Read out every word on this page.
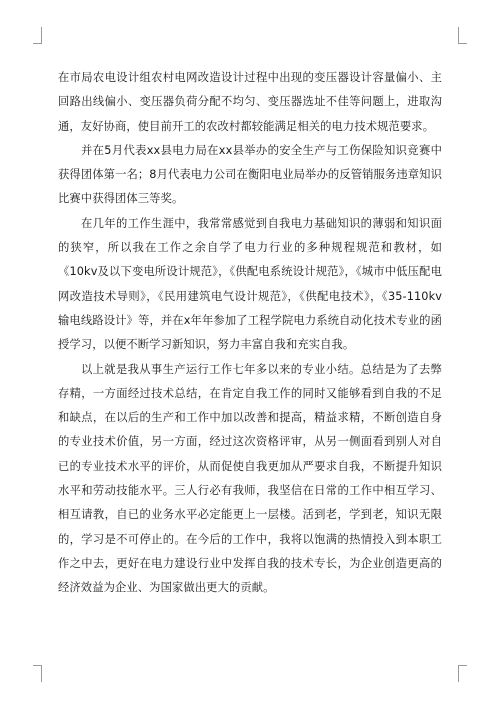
在市局农电设计组农村电网改造设计过程中出现的变压器设计容量偏小、主回路出线偏小、变压器负荷分配不均匀、变压器选址不佳等问题上，进取沟通，友好协商，使目前开工的农改村都较能满足相关的电力技术规范要求。

并在5月代表xx县电力局在xx县举办的安全生产与工伤保险知识竞赛中获得团体第一名；8月代表电力公司在衡阳电业局举办的反管销服务违章知识比赛中获得团体三等奖。

在几年的工作生涯中，我常常感觉到自我电力基础知识的薄弱和知识面的狭窄，所以我在工作之余自学了电力行业的多种规程规范和教材，如《10kv及以下变电所设计规范》，《供配电系统设计规范》，《城市中低压配电网改造技术导则》，《民用建筑电气设计规范》，《供配电技术》，《35-110kv输电线路设计》等，并在x年年参加了工程学院电力系统自动化技术专业的函授学习，以便不断学习新知识，努力丰富自我和充实自我。

以上就是我从事生产运行工作七年多以来的专业小结。总结是为了去弊存精，一方面经过技术总结，在肯定自我工作的同时又能够看到自我的不足和缺点，在以后的生产和工作中加以改善和提高，精益求精，不断创造自身的专业技术价值，另一方面，经过这次资格评审，从另一侧面看到别人对自已的专业技术水平的评价，从而促使自我更加从严要求自我，不断提升知识水平和劳动技能水平。三人行必有我师，我坚信在日常的工作中相互学习、相互请教，自已的业务水平必定能更上一层楼。活到老，学到老，知识无限的，学习是不可停止的。在今后的工作中，我将以饱满的热情投入到本职工作之中去，更好在电力建设行业中发挥自我的技术专长，为企业创造更高的经济效益为企业、为国家做出更大的贡献。
